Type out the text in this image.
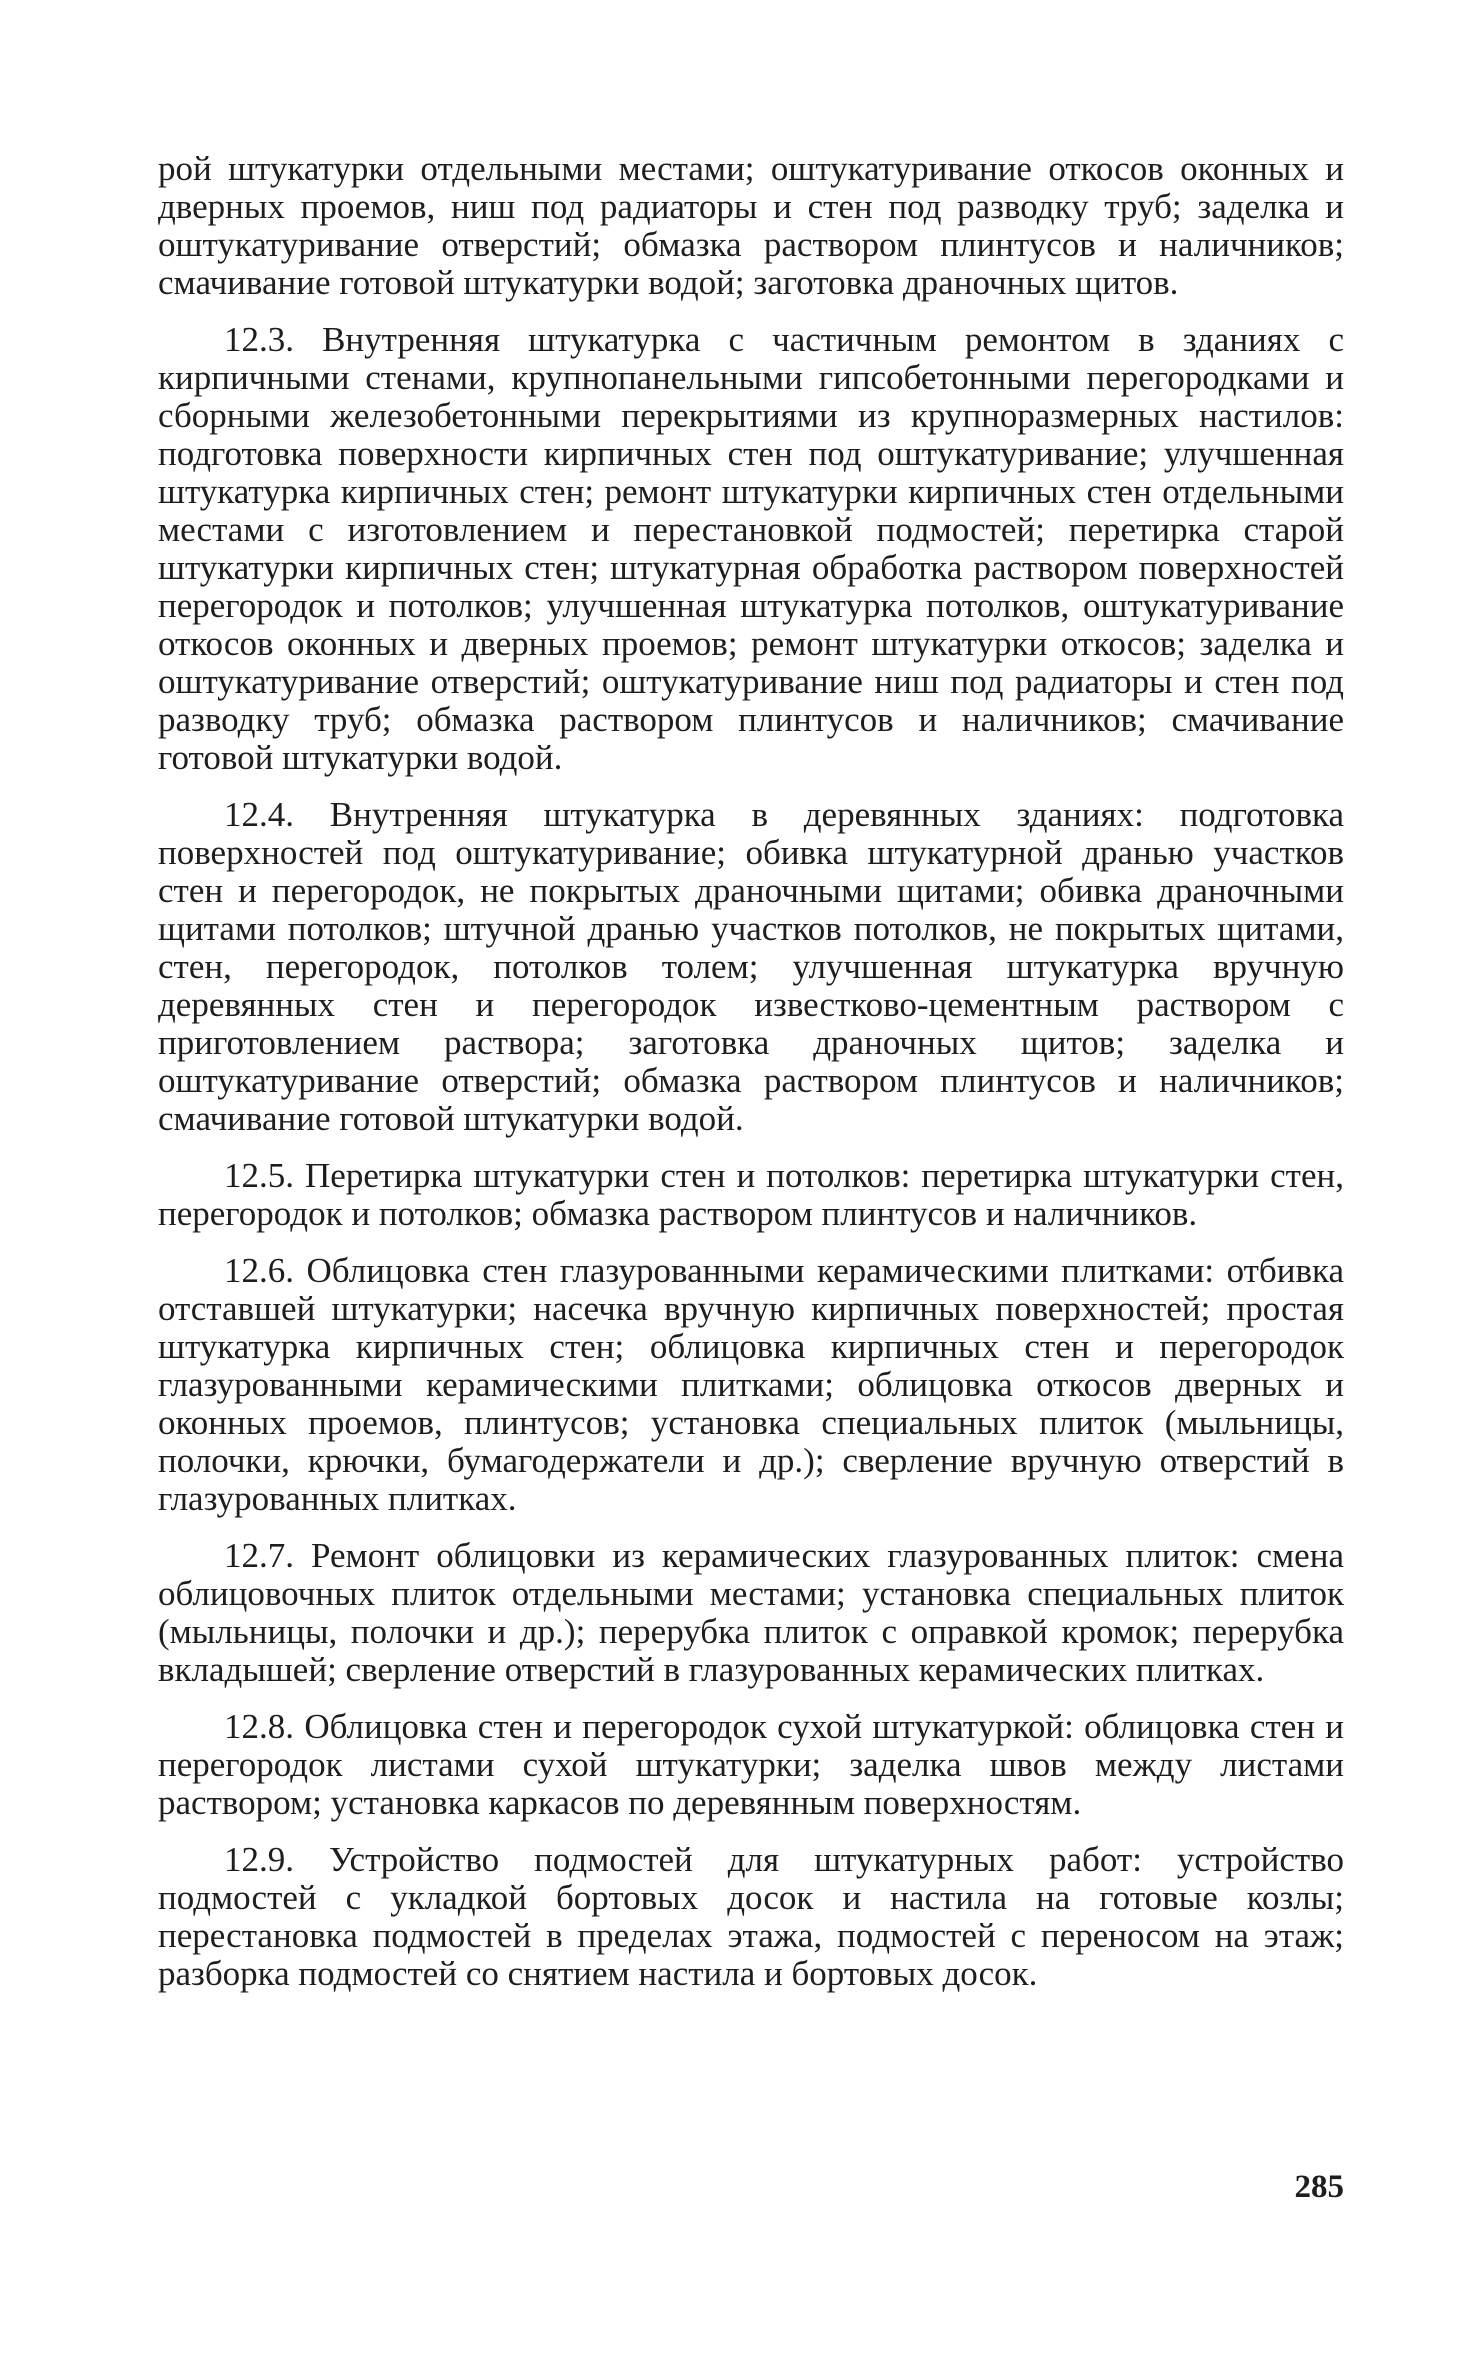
рой штукатурки отдельными местами; оштукатуривание откосов оконных и дверных проемов, ниш под радиаторы и стен под разводку труб; заделка и оштукатуривание отверстий; обмазка раствором плинтусов и наличников; смачивание готовой штукатурки водой; заготовка драночных щитов.

12.3. Внутренняя штукатурка с частичным ремонтом в зданиях с кирпичными стенами, крупнопанельными гипсобетонными перегородками и сборными железобетонными перекрытиями из крупноразмерных настилов: подготовка поверхности кирпичных стен под оштукатуривание; улучшенная штукатурка кирпичных стен; ремонт штукатурки кирпичных стен отдельными местами с изготовлением и перестановкой подмостей; перетирка старой штукатурки кирпичных стен; штукатурная обработка раствором поверхностей перегородок и потолков; улучшенная штукатурка потолков, оштукатуривание откосов оконных и дверных проемов; ремонт штукатурки откосов; заделка и оштукатуривание отверстий; оштукатуривание ниш под радиаторы и стен под разводку труб; обмазка раствором плинтусов и наличников; смачивание готовой штукатурки водой.

12.4. Внутренняя штукатурка в деревянных зданиях: подготовка поверхностей под оштукатуривание; обивка штукатурной дранью участков стен и перегородок, не покрытых драночными щитами; обивка драночными щитами потолков; штучной дранью участков потолков, не покрытых щитами, стен, перегородок, потолков толем; улучшенная штукатурка вручную деревянных стен и перегородок известково-цементным раствором с приготовлением раствора; заготовка драночных щитов; заделка и оштукатуривание отверстий; обмазка раствором плинтусов и наличников; смачивание готовой штукатурки водой.

12.5. Перетирка штукатурки стен и потолков: перетирка штукатурки стен, перегородок и потолков; обмазка раствором плинтусов и наличников.

12.6. Облицовка стен глазурованными керамическими плитками: отбивка отставшей штукатурки; насечка вручную кирпичных поверхностей; простая штукатурка кирпичных стен; облицовка кирпичных стен и перегородок глазурованными керамическими плитками; облицовка откосов дверных и оконных проемов, плинтусов; установка специальных плиток (мыльницы, полочки, крючки, бумагодержатели и др.); сверление вручную отверстий в глазурованных плитках.

12.7. Ремонт облицовки из керамических глазурованных плиток: смена облицовочных плиток отдельными местами; установка специальных плиток (мыльницы, полочки и др.); перерубка плиток с оправкой кромок; перерубка вкладышей; сверление отверстий в глазурованных керамических плитках.

12.8. Облицовка стен и перегородок сухой штукатуркой: облицовка стен и перегородок листами сухой штукатурки; заделка швов между листами раствором; установка каркасов по деревянным поверхностям.

12.9. Устройство подмостей для штукатурных работ: устройство подмостей с укладкой бортовых досок и настила на готовые козлы; перестановка подмостей в пределах этажа, подмостей с переносом на этаж; разборка подмостей со снятием настила и бортовых досок.

285
